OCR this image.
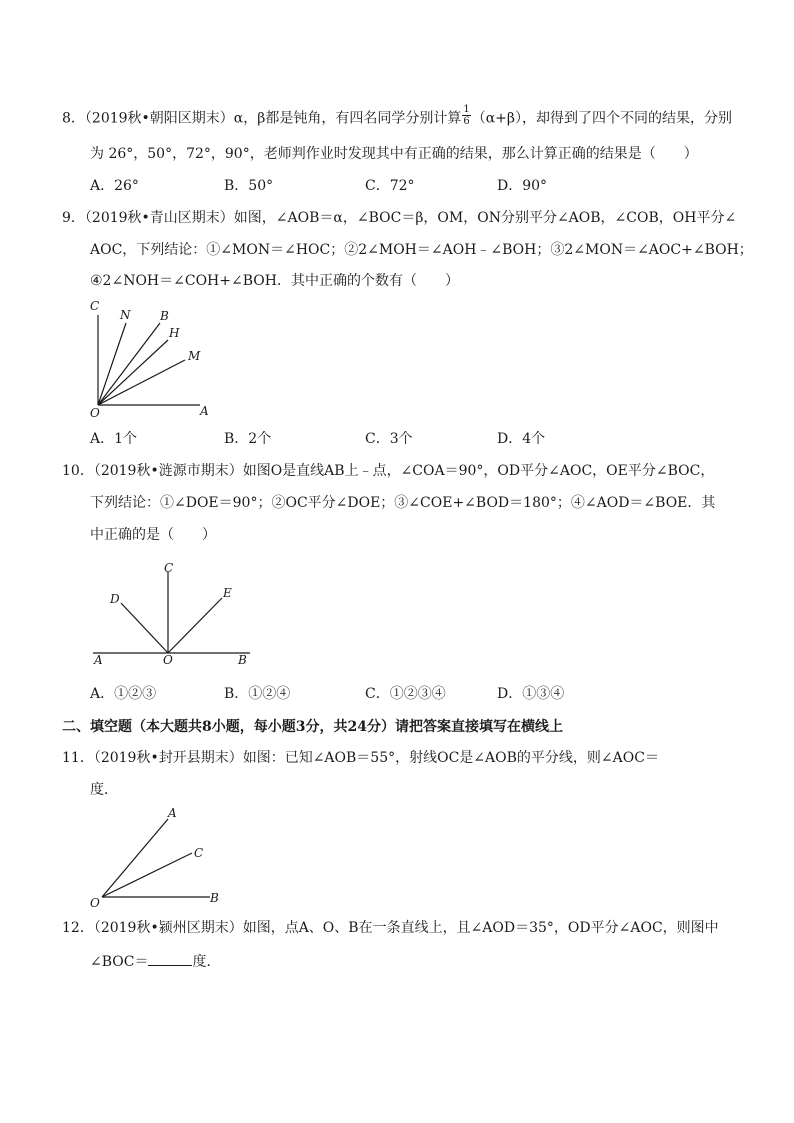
8．（2019秋•朝阳区期末）α，β都是钝角，有四名同学分别计算 $\frac{1}{6} (\alpha+\beta)$，却得到了四个不同的结果，分别
为 26°，50°，72°，90°，老师判作业时发现其中有正确的结果，那么计算正确的结果是（　　）
A．26°	B．50°	C．72°	D．90°
9．（2019秋•青山区期末）如图，∠AOB＝α，∠BOC＝β，OM，ON分别平分∠AOB，∠COB，OH平分∠
AOC，下列结论：①∠MON＝∠HOC；②2∠MOH＝∠AOH﹣∠BOH；③2∠MON＝∠AOC+∠BOH；
④2∠NOH＝∠COH+∠BOH．其中正确的个数有（　　）
C
N B
H
M
O	A
A．1个	B．2个	C．3个	D．4个
10．（2019秋•涟源市期末）如图O是直线AB上﹣点，∠COA＝90°，OD平分∠AOC，OE平分∠BOC，
下列结论：①∠DOE＝90°；②OC平分∠DOE；③∠COE+∠BOD＝180°；④∠AOD＝∠BOE．其
中正确的是（　　）
C
D	E
A	O	B
A．①②③	B．①②④	C．①②③④	D．①③④
二、填空题（本大题共8小题，每小题3分，共24分）请把答案直接填写在横线上
11．（2019秋•封开县期末）如图：已知∠AOB＝55°，射线OC是∠AOB的平分线，则∠AOC＝
度．
A
C
O	B
12．（2019秋•颍州区期末）如图，点A、O、B在一条直线上，且∠AOD＝35°，OD平分∠AOC，则图中
∠BOC＝	度．
